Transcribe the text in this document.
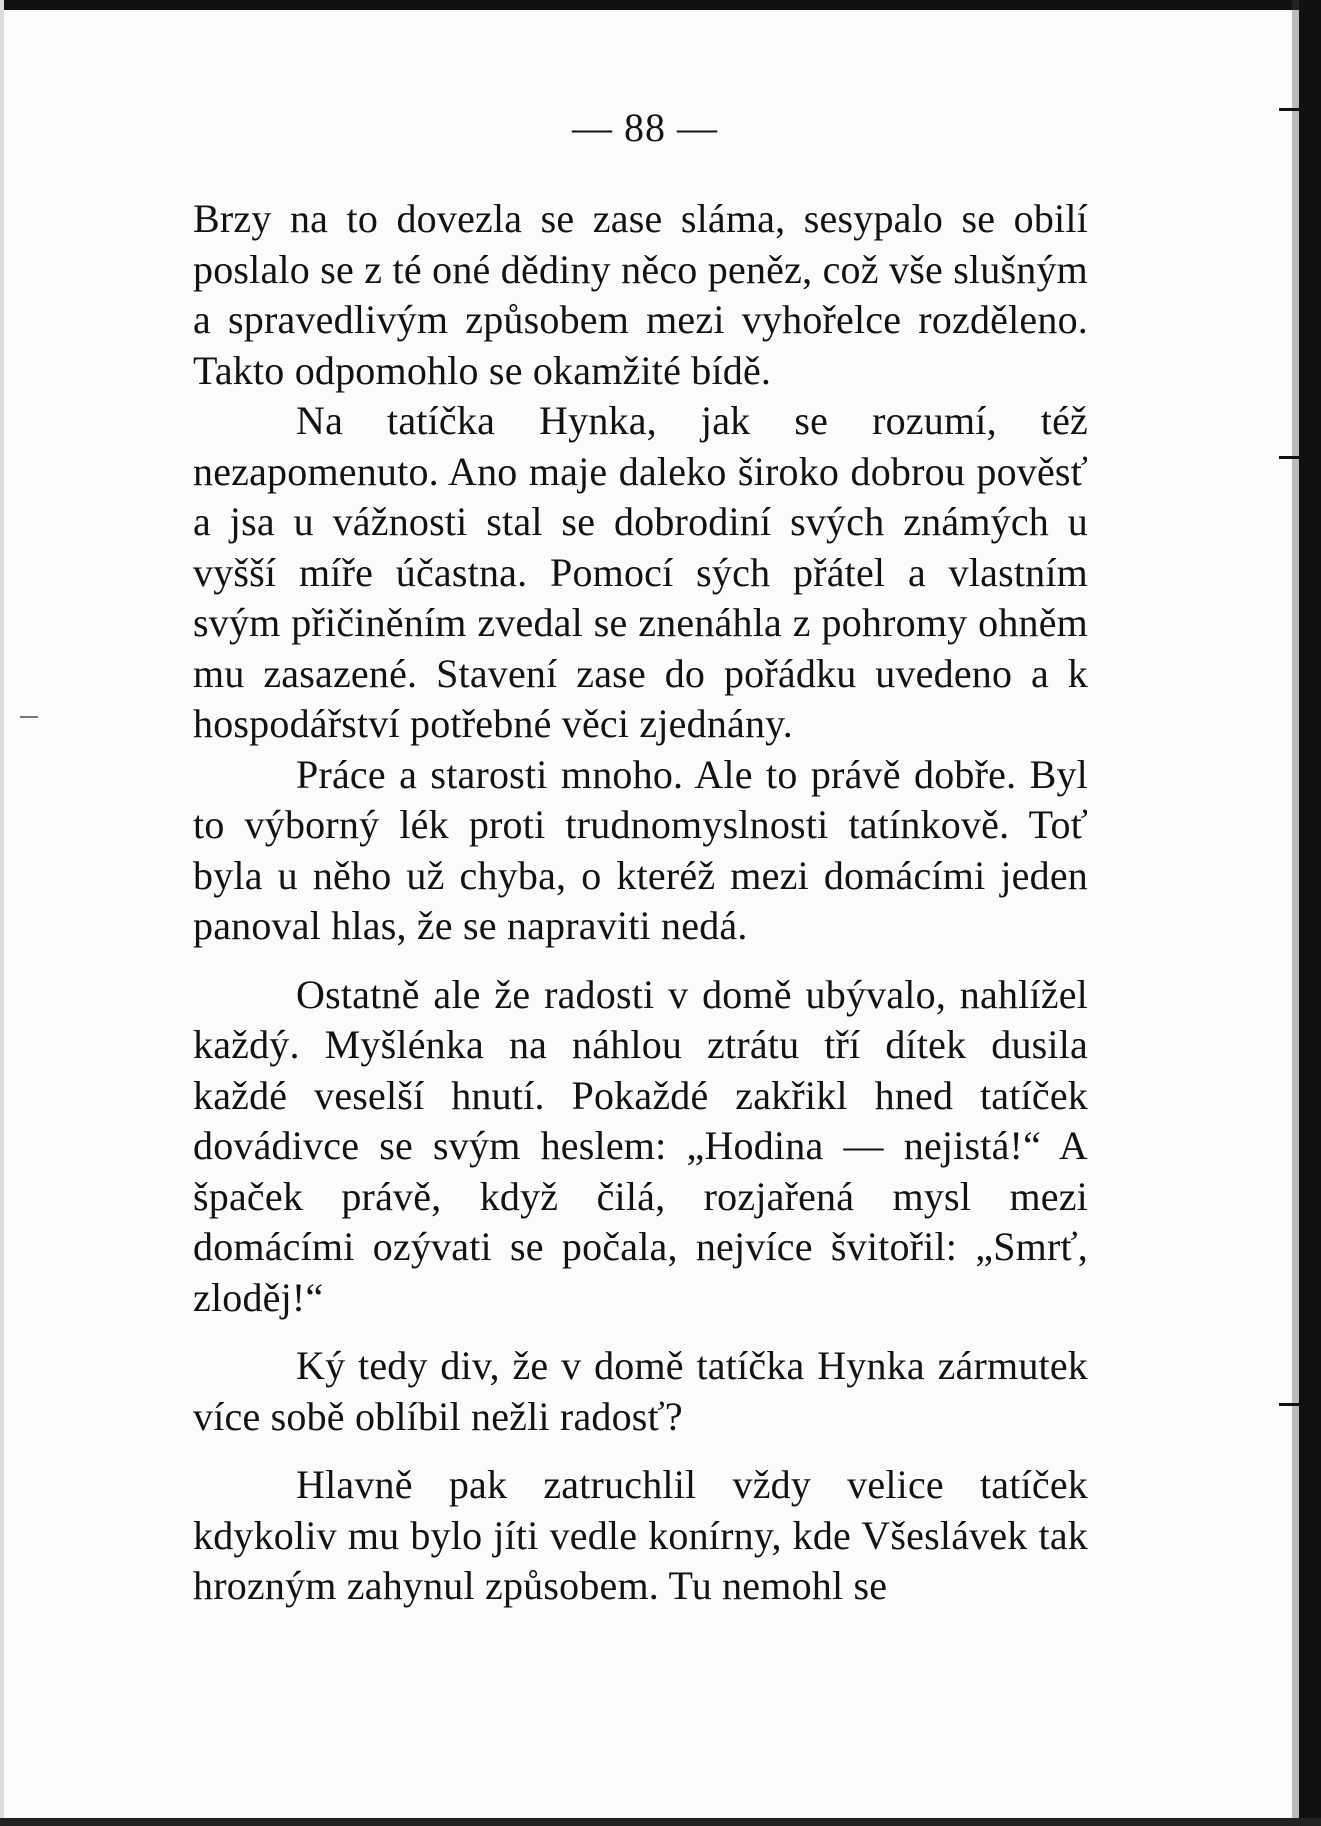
— 88 —

Brzy na to dovezla se zase sláma, sesypalo se obilí poslalo se z té oné dědiny něco peněz, což vše slušným a spravedlivým způsobem mezi vyhořelce rozděleno. Takto odpomohlo se okamžité bídě.

Na tatíčka Hynka, jak se rozumí, též nezapomenuto. Ano maje daleko široko dobrou pověsť a jsa u vážnosti stal se dobrodiní svých známých u vyšší míře účastna. Pomocí sých přátel a vlastním svým přičiněním zvedal se znenáhla z pohromy ohněm mu zasazené. Stavení zase do pořádku uvedeno a k hospodářství potřebné věci zjednány.

Práce a starosti mnoho. Ale to právě dobře. Byl to výborný lék proti trudnomyslnosti tatínkově. Toť byla u něho už chyba, o kteréž mezi domácími jeden panoval hlas, že se napraviti nedá.

Ostatně ale že radosti v domě ubývalo, nahlížel každý. Myšlénka na náhlou ztrátu tří dítek dusila každé veselší hnutí. Pokaždé zakřikl hned tatíček dovádivce se svým heslem: „Hodina — nejistá!“ A špaček právě, když čilá, rozjařená mysl mezi domácími ozývati se počala, nejvíce švitořil: „Smrť, zloděj!“

Ký tedy div, že v domě tatíčka Hynka zármutek více sobě oblíbil nežli radosť?

Hlavně pak zatruchlil vždy velice tatíček kdykoliv mu bylo jíti vedle konírny, kde Všeslávek tak hrozným zahynul způsobem. Tu nemohl se
